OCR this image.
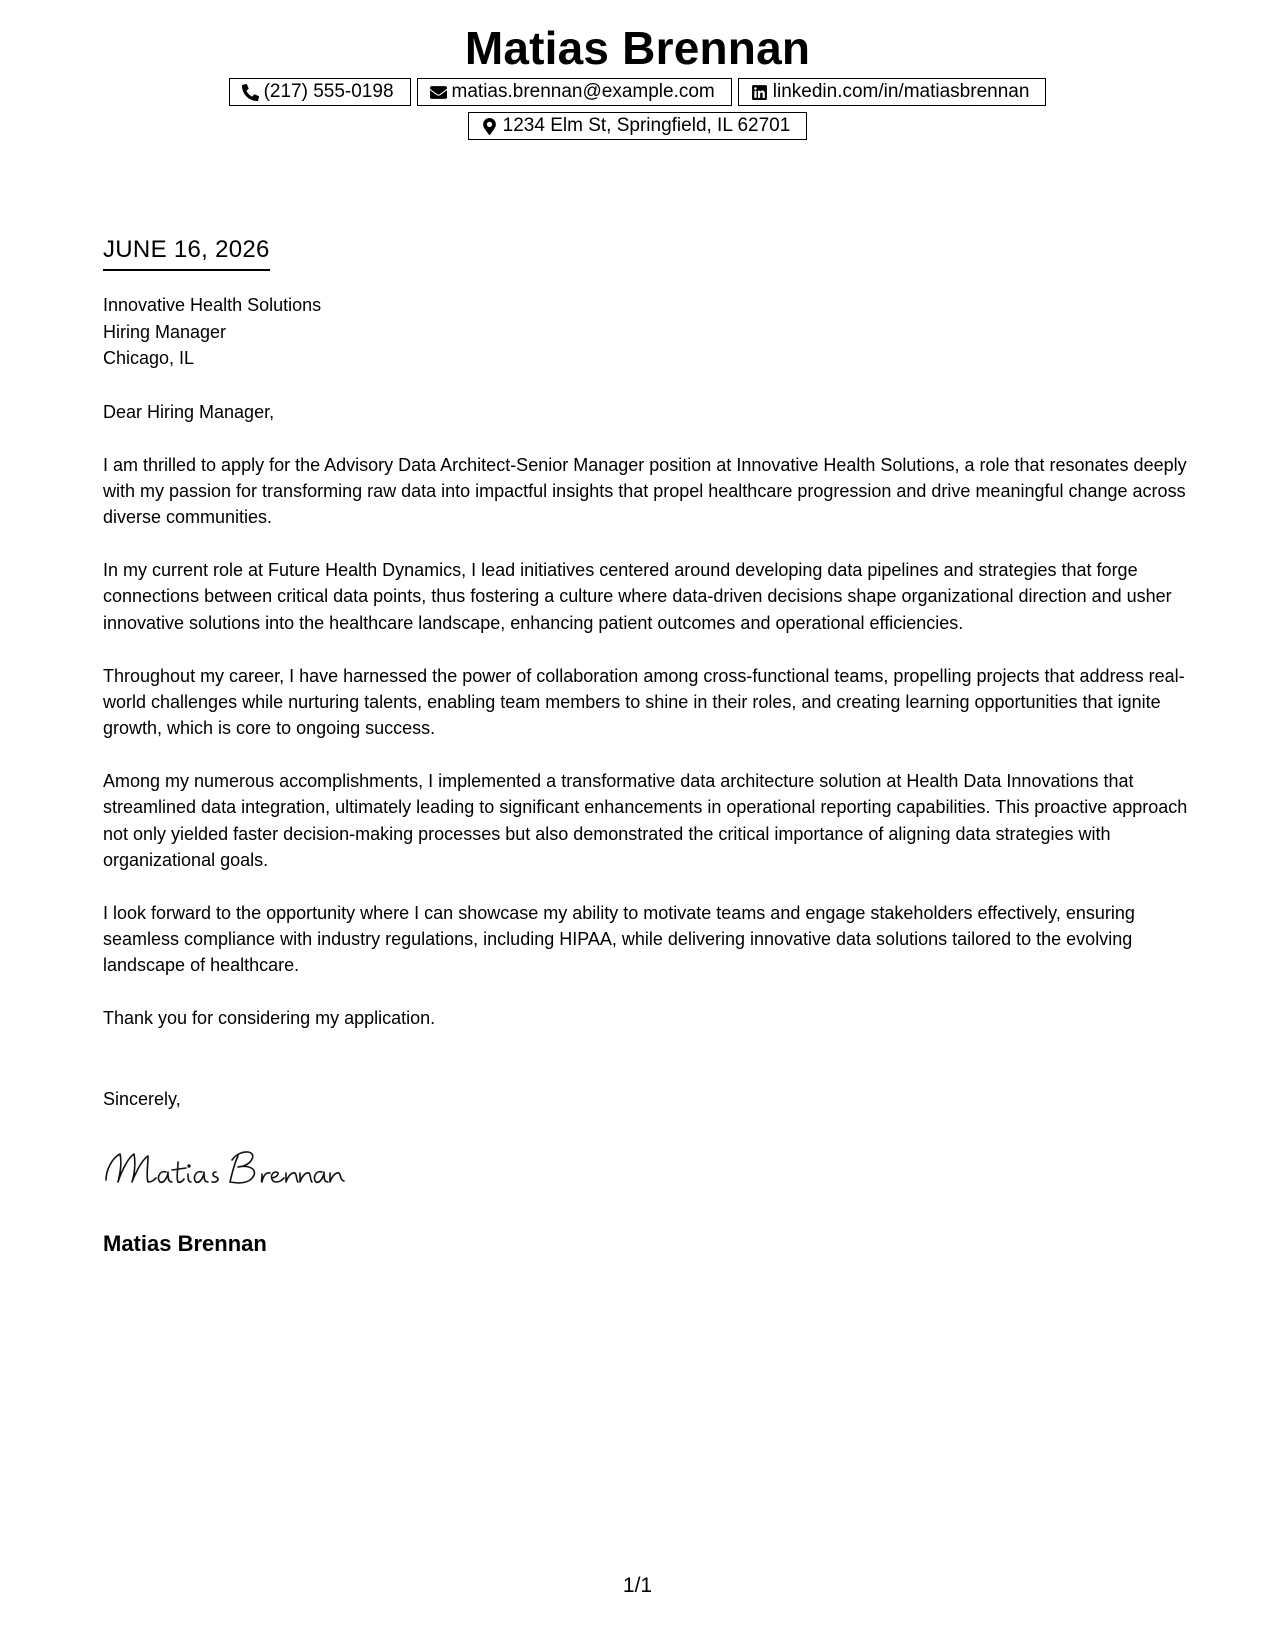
Matias Brennan
(217) 555-0198	matias.brennan@example.com	linkedin.com/in/matiasbrennan
1234 Elm St, Springfield, IL 62701
JUNE 16, 2026
Innovative Health Solutions
Hiring Manager
Chicago, IL

Dear Hiring Manager,

I am thrilled to apply for the Advisory Data Architect-Senior Manager position at Innovative Health Solutions, a role that resonates deeply with my passion for transforming raw data into impactful insights that propel healthcare progression and drive meaningful change across diverse communities.

In my current role at Future Health Dynamics, I lead initiatives centered around developing data pipelines and strategies that forge connections between critical data points, thus fostering a culture where data-driven decisions shape organizational direction and usher innovative solutions into the healthcare landscape, enhancing patient outcomes and operational efficiencies.

Throughout my career, I have harnessed the power of collaboration among cross-functional teams, propelling projects that address real-world challenges while nurturing talents, enabling team members to shine in their roles, and creating learning opportunities that ignite growth, which is core to ongoing success.

Among my numerous accomplishments, I implemented a transformative data architecture solution at Health Data Innovations that streamlined data integration, ultimately leading to significant enhancements in operational reporting capabilities. This proactive approach not only yielded faster decision-making processes but also demonstrated the critical importance of aligning data strategies with organizational goals.

I look forward to the opportunity where I can showcase my ability to motivate teams and engage stakeholders effectively, ensuring seamless compliance with industry regulations, including HIPAA, while delivering innovative data solutions tailored to the evolving landscape of healthcare.

Thank you for considering my application.

Sincerely,
Matias Brennan
1/1
